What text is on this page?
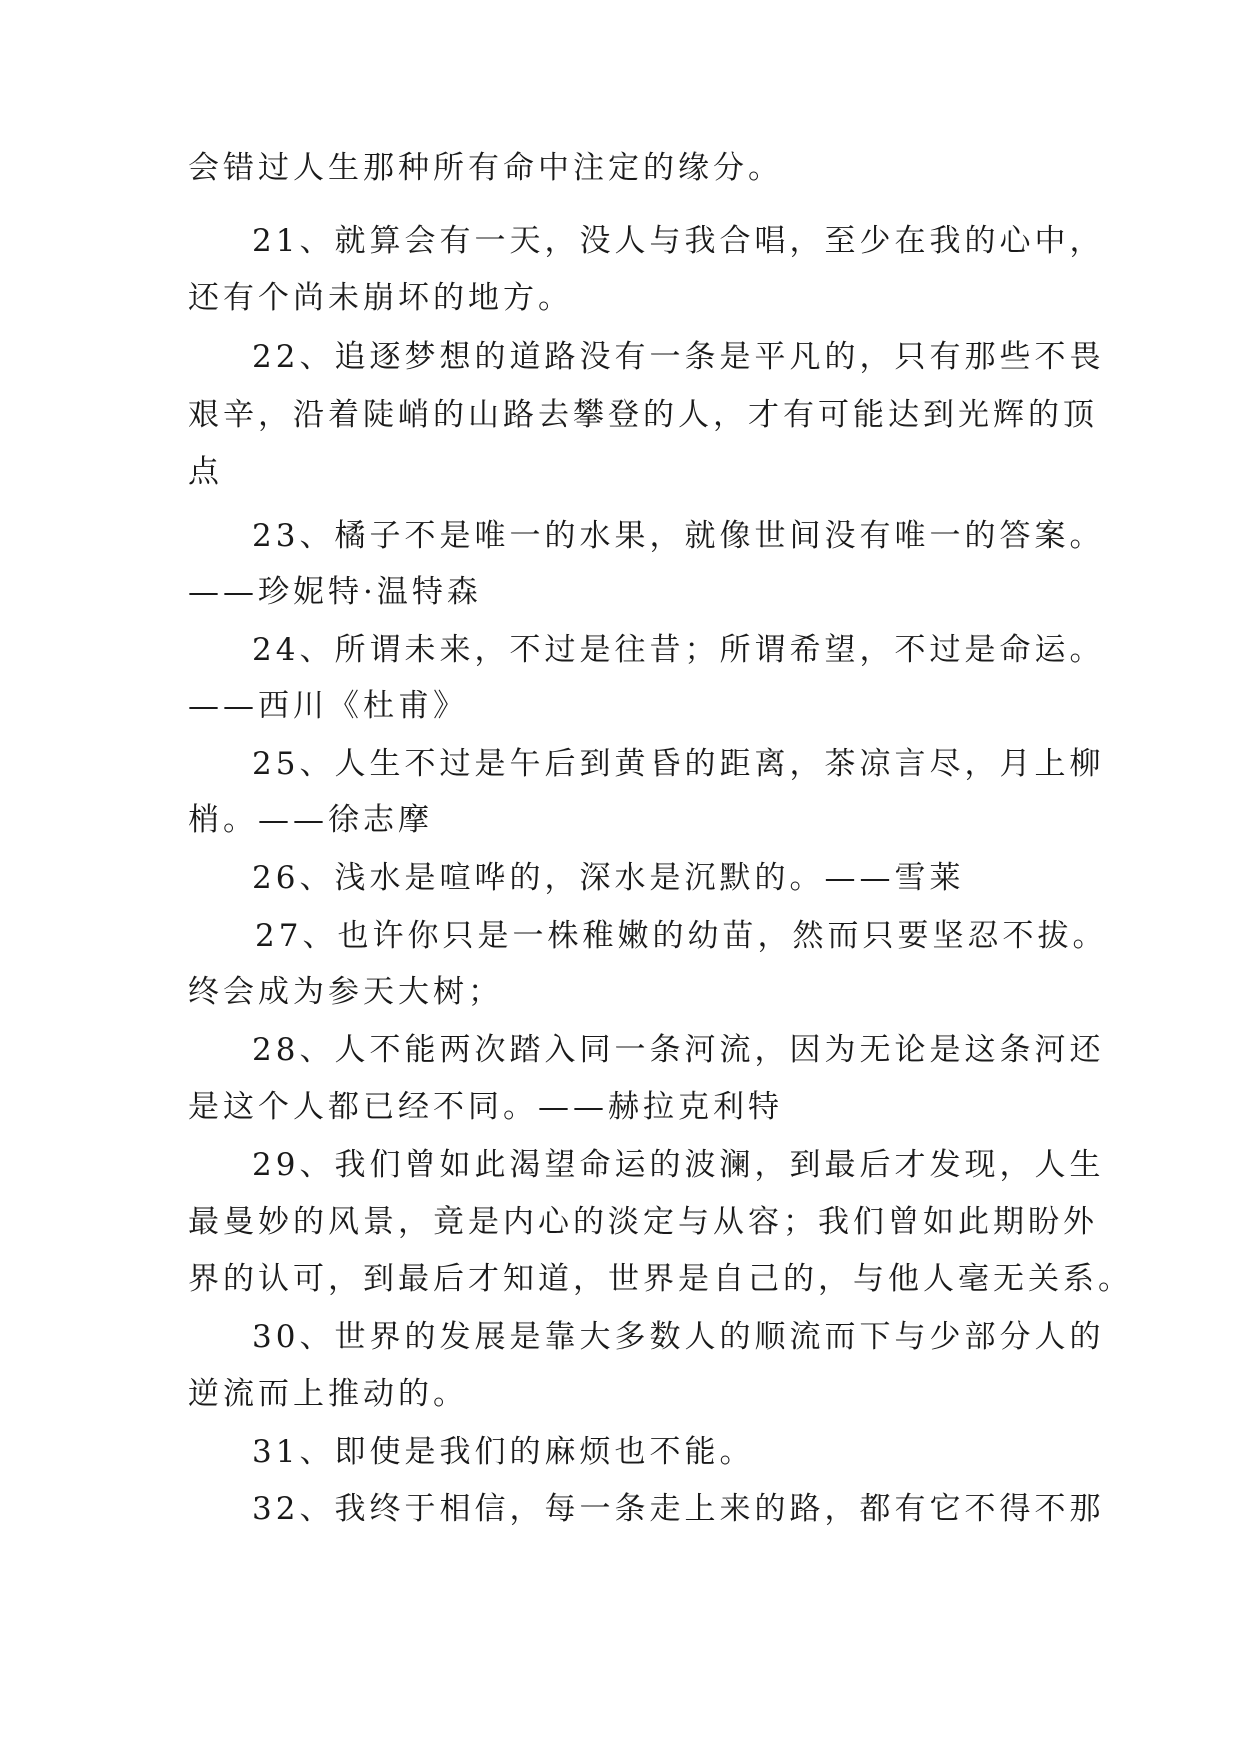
会错过人生那种所有命中注定的缘分。
21、就算会有一天，没人与我合唱，至少在我的心中，
还有个尚未崩坏的地方。
22、追逐梦想的道路没有一条是平凡的，只有那些不畏
艰辛，沿着陡峭的山路去攀登的人，才有可能达到光辉的顶
点
23、橘子不是唯一的水果，就像世间没有唯一的答案。
——珍妮特·温特森
24、所谓未来，不过是往昔；所谓希望，不过是命运。
——西川《杜甫》
25、人生不过是午后到黄昏的距离，茶凉言尽，月上柳
梢。——徐志摩
26、浅水是喧哗的，深水是沉默的。——雪莱
27、也许你只是一株稚嫩的幼苗，然而只要坚忍不拔。
终会成为参天大树；
28、人不能两次踏入同一条河流，因为无论是这条河还
是这个人都已经不同。——赫拉克利特
29、我们曾如此渴望命运的波澜，到最后才发现，人生
最曼妙的风景，竟是内心的淡定与从容；我们曾如此期盼外
界的认可，到最后才知道，世界是自己的，与他人毫无关系。
30、世界的发展是靠大多数人的顺流而下与少部分人的
逆流而上推动的。
31、即使是我们的麻烦也不能。
32、我终于相信，每一条走上来的路，都有它不得不那
